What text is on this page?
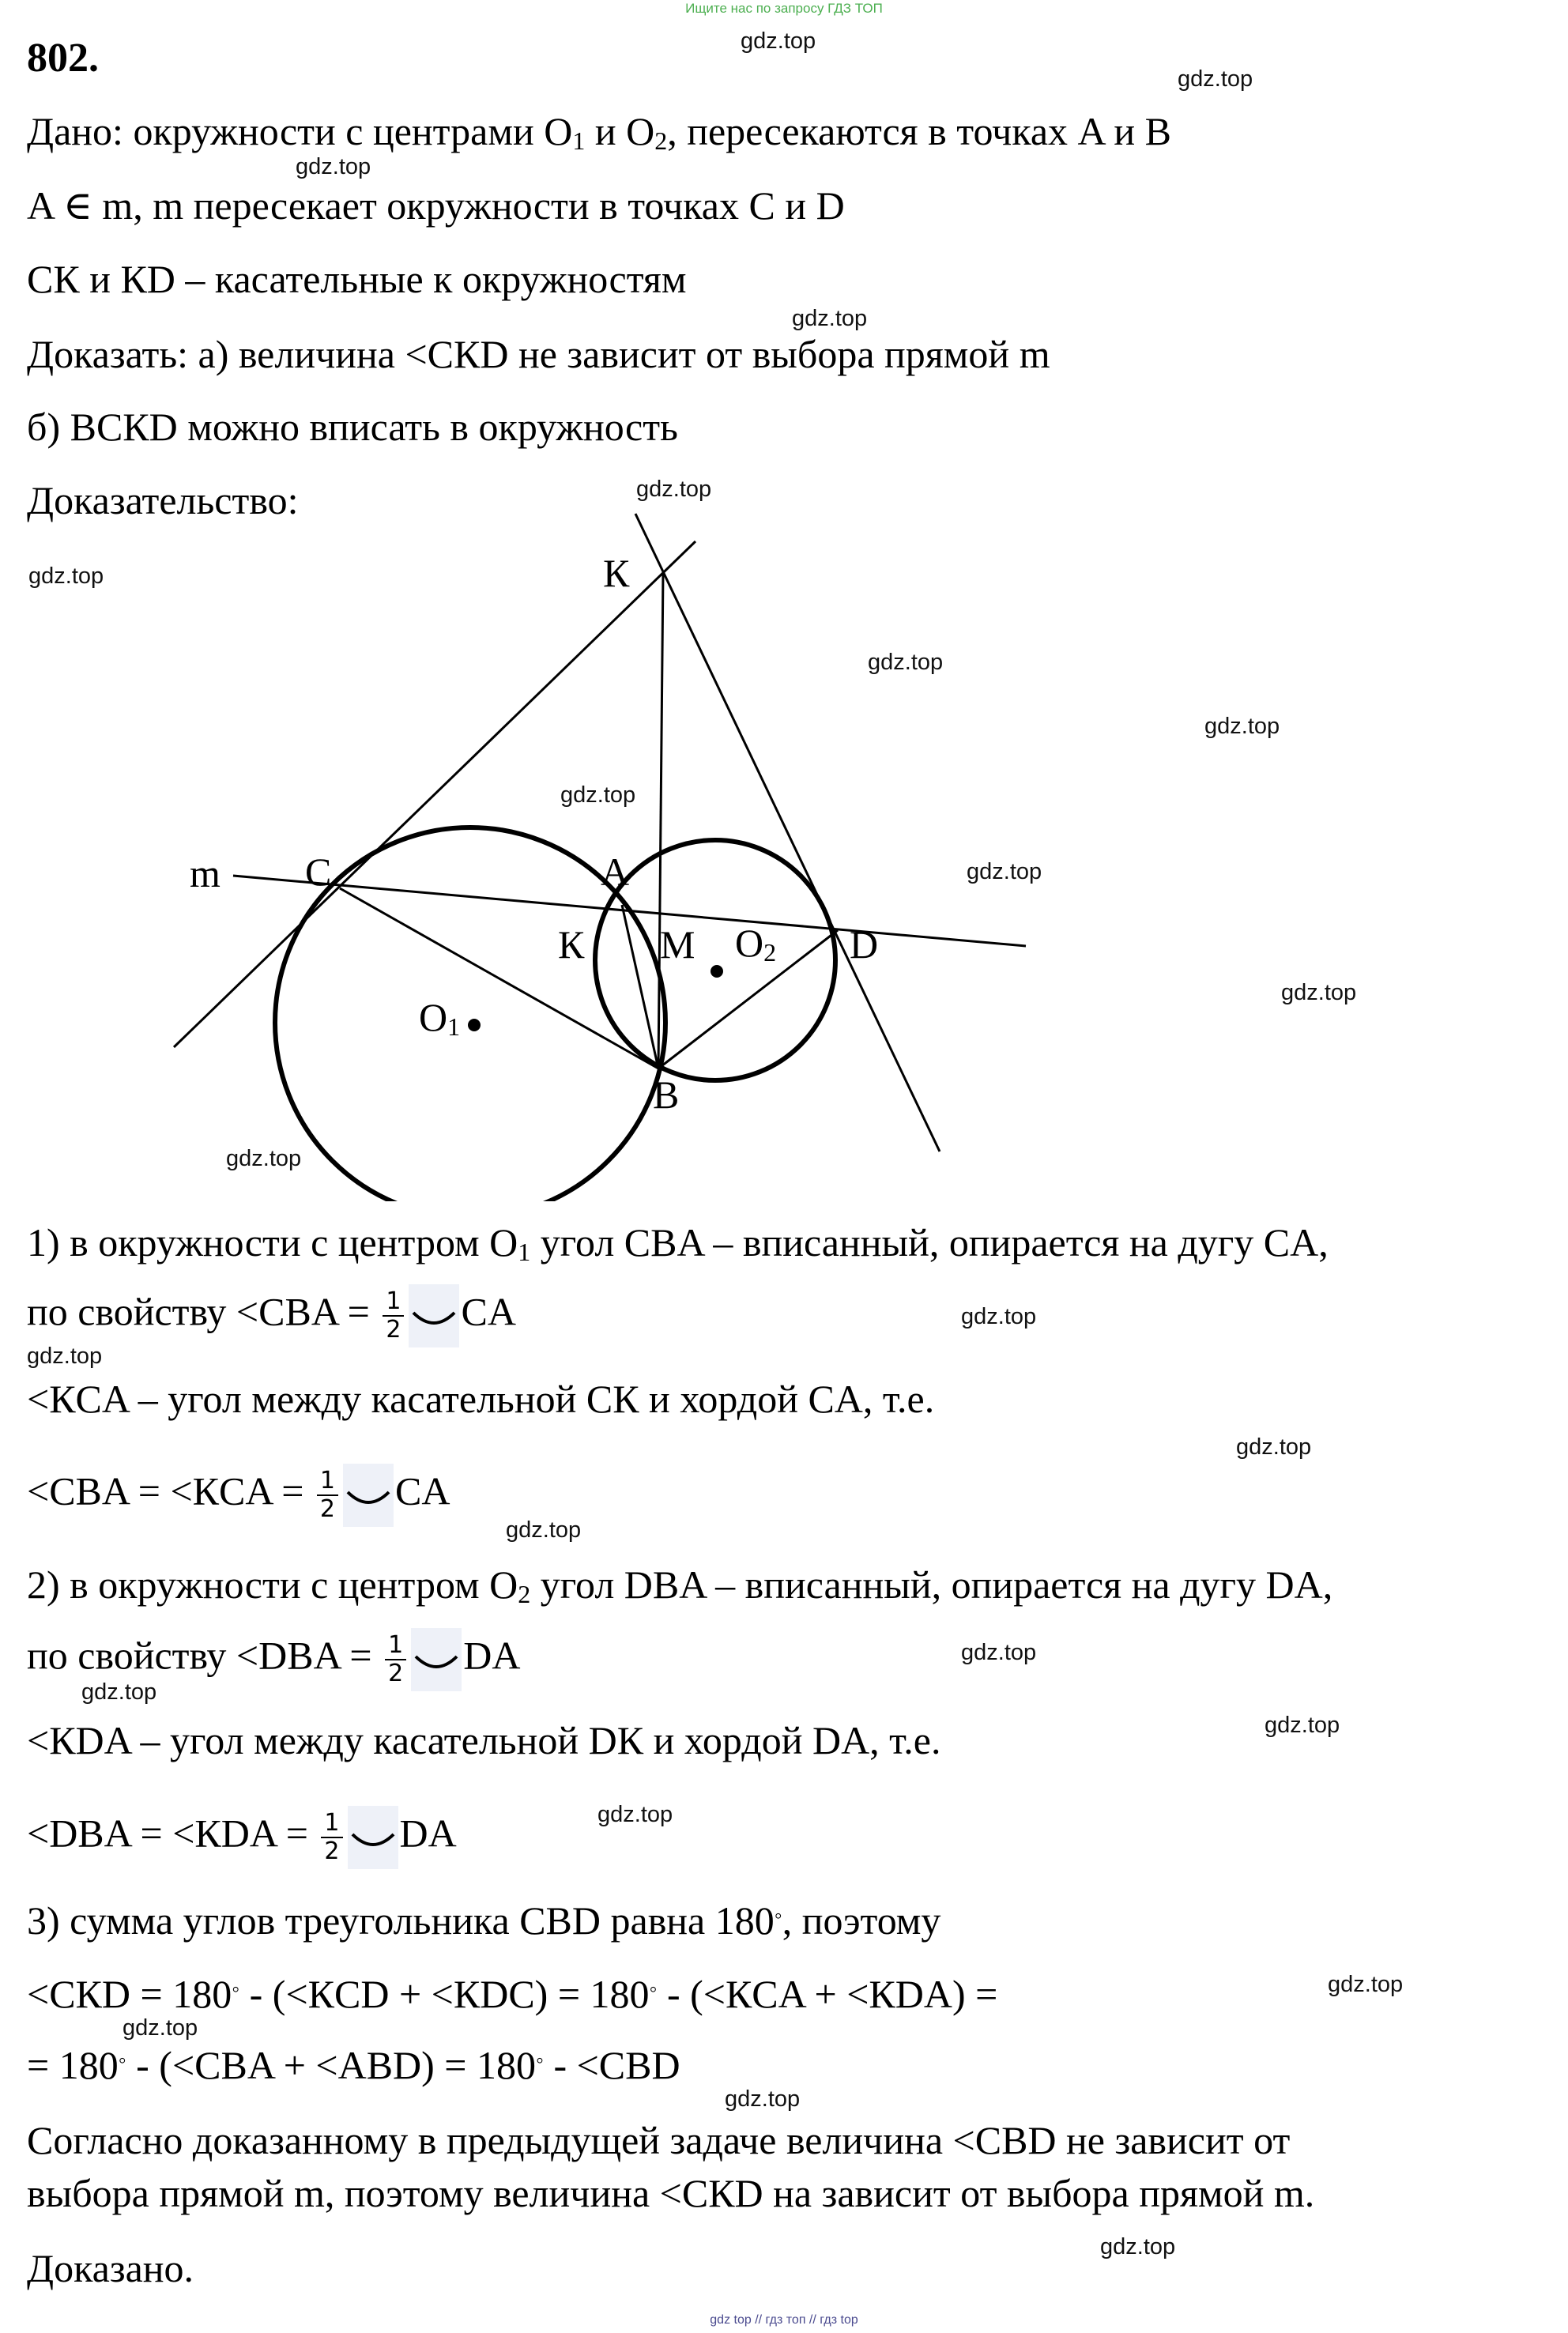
Ищите нас по запросу ГДЗ ТОП
gdz.top
gdz.top
gdz.top
gdz.top
gdz.top
gdz.top
gdz.top
gdz.top
gdz.top
gdz.top
gdz.top
gdz.top
gdz.top
gdz.top
gdz.top
gdz.top
gdz.top
gdz.top
gdz.top
gdz.top
gdz.top
gdz.top
gdz.top
gdz.top
802.
Дано: окружности с центрами $O_1$ и $O_2$, пересекаются в точках A и B
A ∈ m, m пересекает окружности в точках C и D
CК и КD – касательные к окружностям
Доказать: а) величина <CКD не зависит от выбора прямой m
б) BCКD можно вписать в окружность
Доказательство:
К
m C	A
К M $O_2$ D
$O_1$
B
1) в окружности с центром $O_1$ угол CBA – вписанный, опирается на дугу CA,
по свойству $<CBA = \frac{1}{2}$ CA
<КCA – угол между касательной CК и хордой CA, т.е.
$<CBA = <КCA = \frac{1}{2}$ CA
2) в окружности с центром $O_2$ угол DBA – вписанный, опирается на дугу DA,
по свойству $<DBA = \frac{1}{2}$ DA
<КDA – угол между касательной DК и хордой DA, т.е.
$<DBA = <КDA = \frac{1}{2}$ DA
3) сумма углов треугольника CBD равна 180◦, поэтому
<CКD = 180◦ - (<КCD + <КDC) = 180◦ - (<КCA + <КDA) =
= 180◦ - (<CBA + <ABD) = 180◦ - <CBD
Согласно доказанному в предыдущей задаче величина <CBD не зависит от
выбора прямой m, поэтому величина <CКD на зависит от выбора прямой m.
Доказано.
gdz top // гдз топ // гдз top
